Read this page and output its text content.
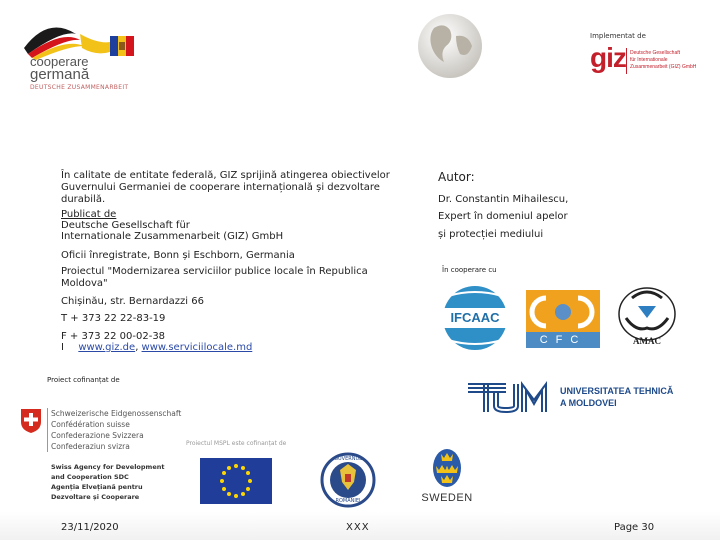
cooperare
germană
DEUTSCHE ZUSAMMENARBEIT
Implementat de
giz Deutsche Gesellschaft
für Internationale
Zusammenarbeit (GIZ) GmbH
În calitate de entitate federală, GIZ sprijină atingerea obiectivelor Guvernului Germaniei de cooperare internațională și dezvoltare durabilă.
Publicat de
Deutsche Gesellschaft für
Internationale Zusammenarbeit (GIZ) GmbH
Oficii înregistrate, Bonn și Eschborn, Germania
Proiectul "Modernizarea serviciilor publice locale în Republica Moldova"
Chișinău, str. Bernardazzi 66
T + 373 22 22-83-19
F + 373 22 00-02-38
I www.giz.de, www.serviciilocale.md
Proiect cofinanțat de
Autor:
Dr. Constantin Mihailescu,
Expert în domeniul apelor
și protecției mediului
În cooperare cu
IFCAAC
CFC	AMAC
UNIVERSITATEA TEHNICĂ
A MOLDOVEI
Schweizerische Eidgenossenschaft
Confédération suisse
Confederazione Svizzera
Confederaziun svizra
Swiss Agency for Development
and Cooperation SDC
Agenția Elvețiană pentru
Dezvoltare și Cooperare
Proiectul MSPL este cofinanțat de
GUVERNUL
ROMÂNIEI	SWEDEN
23/11/2020	XXX	Page 30
